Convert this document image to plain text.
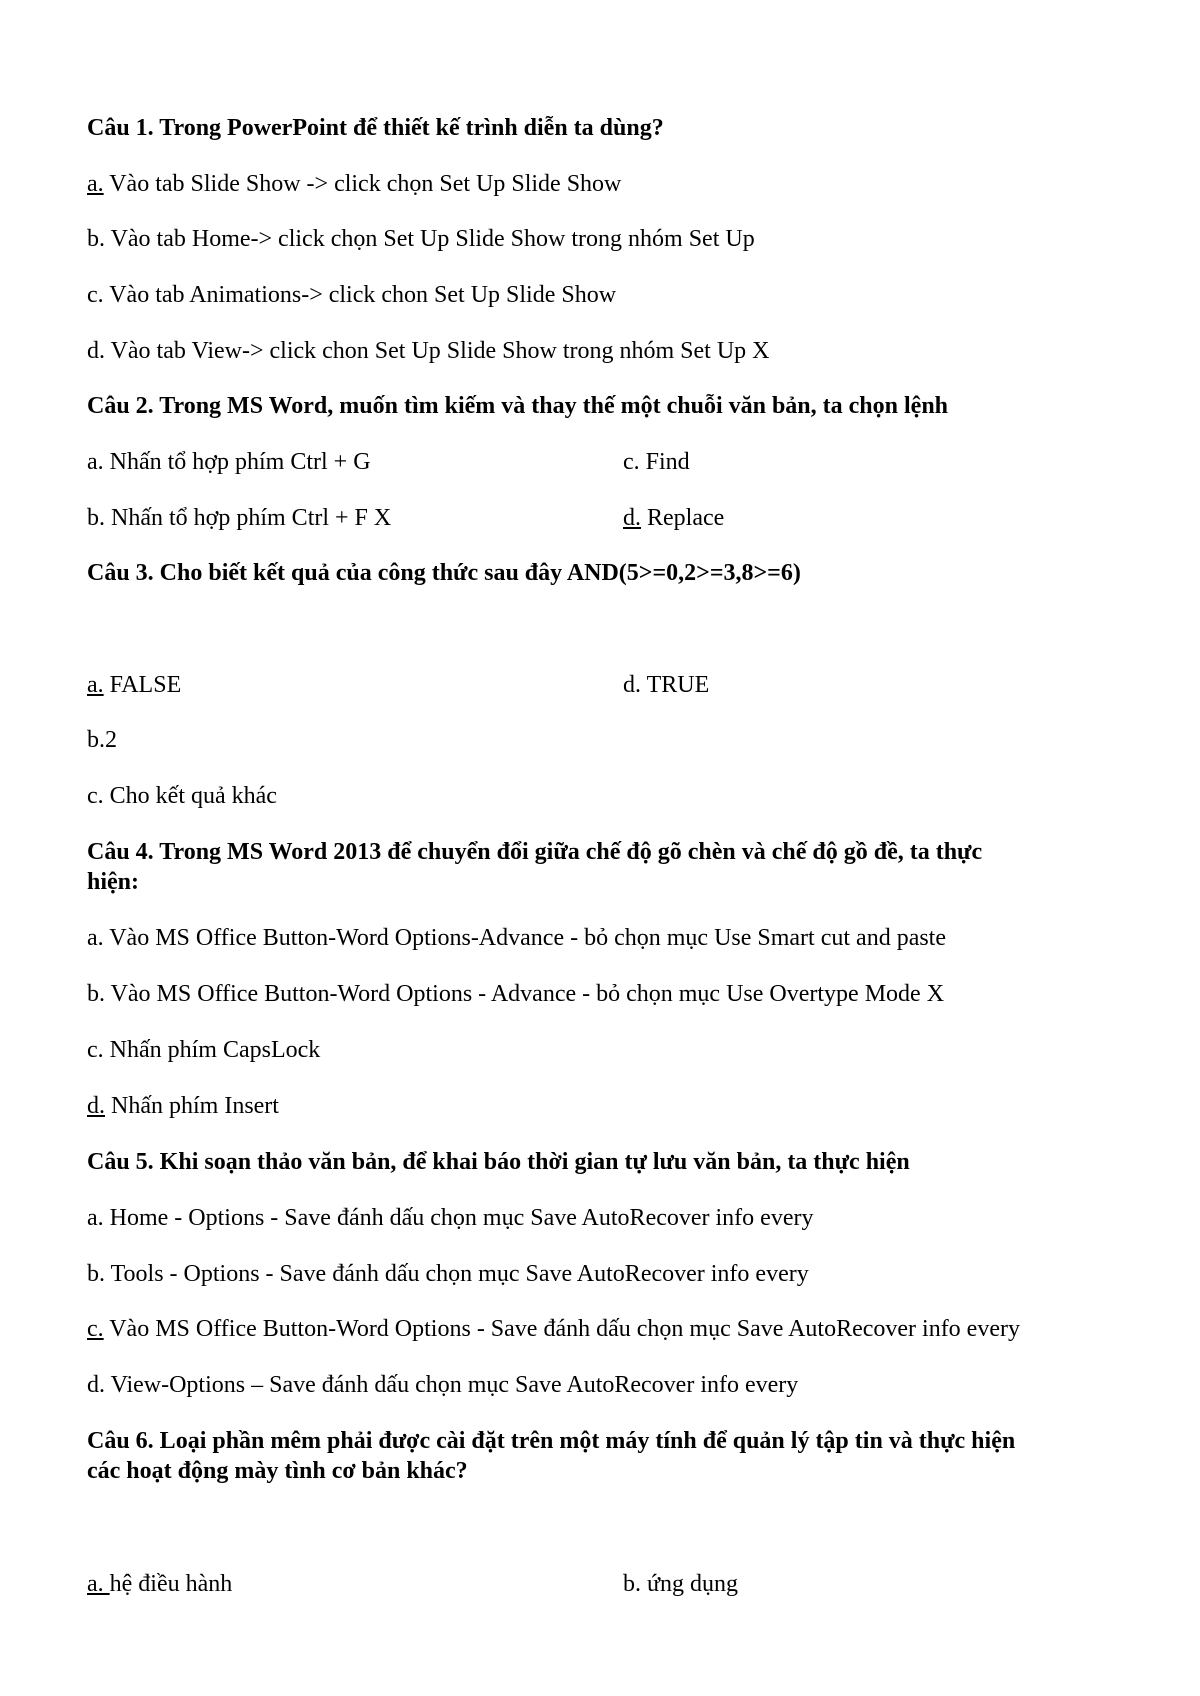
Câu 1. Trong PowerPoint để thiết kế trình diễn ta dùng?
a. Vào tab Slide Show -> click chọn Set Up Slide Show
b. Vào tab Home-> click chọn Set Up Slide Show trong nhóm Set Up
c. Vào tab Animations-> click chon Set Up Slide Show
d. Vào tab View-> click chon Set Up Slide Show trong nhóm Set Up X
Câu 2. Trong MS Word, muốn tìm kiếm và thay thế một chuỗi văn bản, ta chọn lệnh
a. Nhấn tổ hợp phím Ctrl + G	c. Find
b. Nhấn tổ hợp phím Ctrl + F X	d. Replace
Câu 3. Cho biết kết quả của công thức sau đây AND(5>=0,2>=3,8>=6)
a. FALSE	d. TRUE
b.2
c. Cho kết quả khác
Câu 4. Trong MS Word 2013 để chuyển đổi giữa chế độ gõ chèn và chế độ gồ đề, ta thực
hiện:
a. Vào MS Office Button-Word Options-Advance - bỏ chọn mục Use Smart cut and paste
b. Vào MS Office Button-Word Options - Advance - bỏ chọn mục Use Overtype Mode X
c. Nhấn phím CapsLock
d. Nhấn phím Insert
Câu 5. Khi soạn thảo văn bản, để khai báo thời gian tự lưu văn bản, ta thực hiện
a. Home - Options - Save đánh dấu chọn mục Save AutoRecover info every
b. Tools - Options - Save đánh dấu chọn mục Save AutoRecover info every
c. Vào MS Office Button-Word Options - Save đánh dấu chọn mục Save AutoRecover info every
d. View-Options – Save đánh dấu chọn mục Save AutoRecover info every
Câu 6. Loại phần mêm phải được cài đặt trên một máy tính để quản lý tập tin và thực hiện
các hoạt động mày tình cơ bản khác?
a. hệ điều hành	b. ứng dụng
